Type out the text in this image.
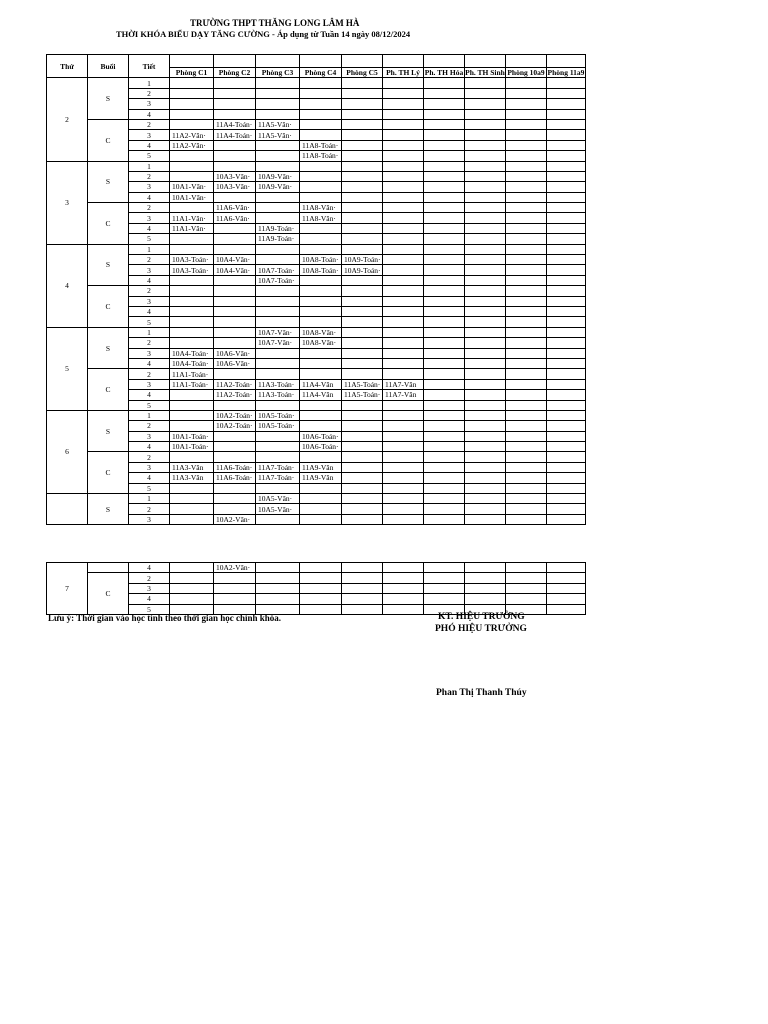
TRƯỜNG THPT THĂNG LONG LÂM HÀ
THỜI KHÓA BIỂU DẠY TĂNG CƯỜNG - Áp dụng từ Tuần 14 ngày 08/12/2024
Thứ	Buổi	Tiết										
			Phòng C1	Phòng C2	Phòng C3	Phòng C4	Phòng C5	Ph. TH Lý	Ph. TH Hóa	Ph. TH Sinh	Phòng 10a9	Phòng 11a9
2	S	1										
		2										
		3										
		4										
	C	2		11A4-Toán·	11A5-Văn·							
		3	11A2-Văn·	11A4-Toán·	11A5-Văn·							
		4	11A2-Văn·			11A8-Toán·						
		5				11A8-Toán·						
3	S	1										
		2		10A3-Văn·	10A9-Văn·							
		3	10A1-Văn·	10A3-Văn·	10A9-Văn·							
		4	10A1-Văn·									
	C	2		11A6-Văn·		11A8-Văn·						
		3	11A1-Văn·	11A6-Văn·		11A8-Văn·						
		4	11A1-Văn·		11A9-Toán·							
		5			11A9-Toán·							
4	S	1										
		2	10A3-Toán·	10A4-Văn·		10A8-Toán·	10A9-Toán·					
		3	10A3-Toán·	10A4-Văn·	10A7-Toán·	10A8-Toán·	10A9-Toán·					
		4			10A7-Toán·							
	C	2										
		3										
		4										
		5										
5	S	1			10A7-Văn·	10A8-Văn·						
		2			10A7-Văn·	10A8-Văn·						
		3	10A4-Toán·	10A6-Văn·								
		4	10A4-Toán·	10A6-Văn·								
	C	2	11A1-Toán·									
		3	11A1-Toán·	11A2-Toán·	11A3-Toán·	11A4-Văn	11A5-Toán·	11A7-Văn				
		4		11A2-Toán·	11A3-Toán·	11A4-Văn	11A5-Toán·	11A7-Văn				
		5										
6	S	1		10A2-Toán·	10A5-Toán·							
		2		10A2-Toán·	10A5-Toán·							
		3	10A1-Toán·			10A6-Toán·						
		4	10A1-Toán·			10A6-Toán·						
	C	2										
		3	11A3-Văn	11A6-Toán·	11A7-Toán·	11A9-Văn						
		4	11A3-Văn	11A6-Toán·	11A7-Toán·	11A9-Văn						
		5										
	S	1			10A5-Văn·							
		2			10A5-Văn·							
		3		10A2-Văn·								
7		4		10A2-Văn·								
	C	2										
		3										
		4										
		5										
Lưu ý: Thời gian vào học tính theo thời gian học chính khóa.	KT. HIỆU TRƯỞNG
PHÓ HIỆU TRƯỞNG
Phan Thị Thanh Thúy
